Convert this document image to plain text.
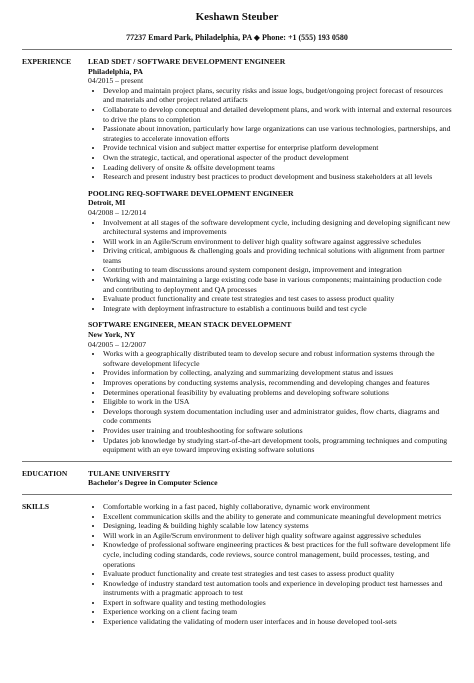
Keshawn Steuber
77237 Emard Park, Philadelphia, PA ◆ Phone: +1 (555) 193 0580
EXPERIENCE	LEAD SDET / SOFTWARE DEVELOPMENT ENGINEER
Philadelphia, PA
04/2015 – present
• Develop and maintain project plans, security risks and issue logs, budget/ongoing project forecast of resources and materials and other project related artifacts
• Collaborate to develop conceptual and detailed development plans, and work with internal and external resources to drive the plans to completion
• Passionate about innovation, particularly how large organizations can use various technologies, partnerships, and strategies to accelerate innovation efforts
• Provide technical vision and subject matter expertise for enterprise platform development
• Own the strategic, tactical, and operational aspecter of the product development
• Leading delivery of onsite & offsite development teams
• Research and present industry best practices to product development and business stakeholders at all levels
POOLING REQ-SOFTWARE DEVELOPMENT ENGINEER
Detroit, MI
04/2008 – 12/2014
• Involvement at all stages of the software development cycle, including designing and developing significant new architectural systems and improvements
• Will work in an Agile/Scrum environment to deliver high quality software against aggressive schedules
• Driving critical, ambiguous & challenging goals and providing technical solutions with alignment from partner teams
• Contributing to team discussions around system component design, improvement and integration
• Working with and maintaining a large existing code base in various components; maintaining production code and contributing to deployment and QA processes
• Evaluate product functionality and create test strategies and test cases to assess product quality
• Integrate with deployment infrastructure to establish a continuous build and test cycle
SOFTWARE ENGINEER, MEAN STACK DEVELOPMENT
New York, NY
04/2005 – 12/2007
• Works with a geographically distributed team to develop secure and robust information systems through the software development lifecycle
• Provides information by collecting, analyzing and summarizing development status and issues
• Improves operations by conducting systems analysis, recommending and developing changes and features
• Determines operational feasibility by evaluating problems and developing software solutions
• Eligible to work in the USA
• Develops thorough system documentation including user and administrator guides, flow charts, diagrams and code comments
• Provides user training and troubleshooting for software solutions
• Updates job knowledge by studying start-of-the-art development tools, programming techniques and computing equipment with an eye toward improving existing software solutions
EDUCATION	TULANE UNIVERSITY
Bachelor's Degree in Computer Science
SKILLS
•	Comfortable working in a fast paced, highly collaborative, dynamic work environment
• Excellent communication skills and the ability to generate and communicate meaningful development metrics
• Designing, leading & building highly scalable low latency systems
• Will work in an Agile/Scrum environment to deliver high quality software against aggressive schedules
• Knowledge of professional software engineering practices & best practices for the full software development life cycle, including coding standards, code reviews, source control management, build processes, testing, and operations
• Evaluate product functionality and create test strategies and test cases to assess product quality
• Knowledge of industry standard test automation tools and experience in developing product test harnesses and instruments with a pragmatic approach to test
• Expert in software quality and testing methodologies
• Experience working on a client facing team
• Experience validating the validating of modern user interfaces and in house developed tool-sets
